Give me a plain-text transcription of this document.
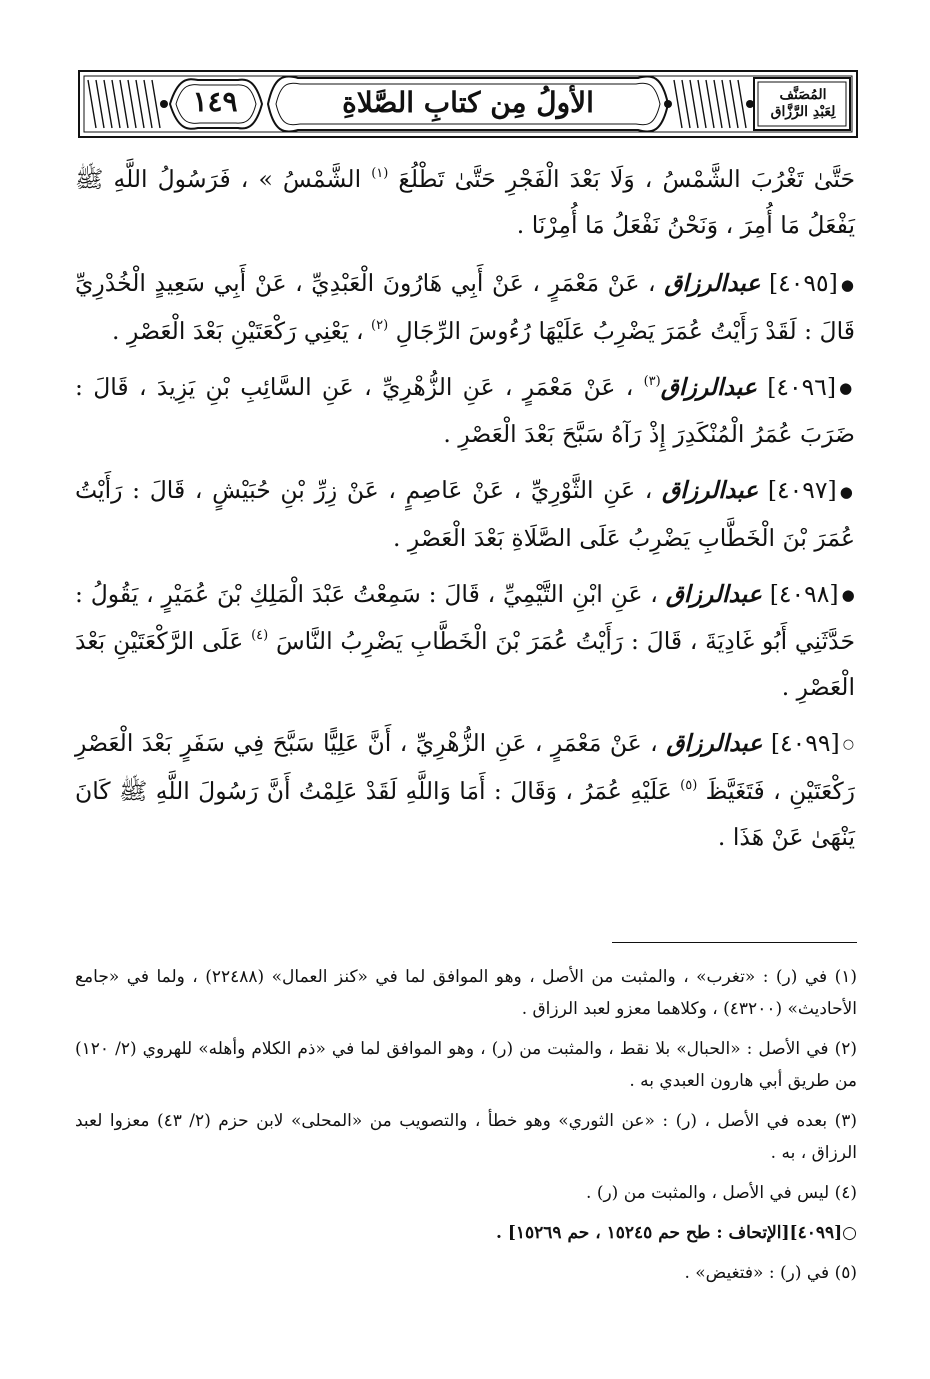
١٤٩	الأولُ مِن كتابِ الصَّلاةِ	المُصَنَّف
لِعَبْدِ الرَّزَّاق

حَتَّىٰ تَغْرُبَ الشَّمْسُ ، وَلَا بَعْدَ الْفَجْرِ حَتَّىٰ تَطْلُعَ $^{(١)}$ الشَّمْسُ » ، فَرَسُولُ اللَّهِ ﷺ يَفْعَلُ مَا أُمِرَ ، وَنَحْنُ نَفْعَلُ مَا أُمِرْنَا .

●[٤٠٩٥] عبدالرزاق ، عَنْ مَعْمَرٍ ، عَنْ أَبِي هَارُونَ الْعَبْدِيِّ ، عَنْ أَبِي سَعِيدٍ الْخُدْرِيِّ قَالَ : لَقَدْ رَأَيْتُ عُمَرَ يَضْرِبُ عَلَيْهَا رُءُوسَ الرِّجَالِ $^{(٢)}$ ، يَعْنِي رَكْعَتَيْنِ بَعْدَ الْعَصْرِ .

●[٤٠٩٦] عبدالرزاق$^{(٣)}$ ، عَنْ مَعْمَرٍ ، عَنِ الزُّهْرِيِّ ، عَنِ السَّائِبِ بْنِ يَزِيدَ ، قَالَ : ضَرَبَ عُمَرُ الْمُنْكَدِرَ إِذْ رَآهُ سَبَّحَ بَعْدَ الْعَصْرِ .

●[٤٠٩٧] عبدالرزاق ، عَنِ الثَّوْرِيِّ ، عَنْ عَاصِمٍ ، عَنْ زِرِّ بْنِ حُبَيْشٍ ، قَالَ : رَأَيْتُ عُمَرَ بْنَ الْخَطَّابِ يَضْرِبُ عَلَى الصَّلَاةِ بَعْدَ الْعَصْرِ .

●[٤٠٩٨] عبدالرزاق ، عَنِ ابْنِ التَّيْمِيِّ ، قَالَ : سَمِعْتُ عَبْدَ الْمَلِكِ بْنَ عُمَيْرٍ ، يَقُولُ : حَدَّثَنِي أَبُو غَادِيَةَ ، قَالَ : رَأَيْتُ عُمَرَ بْنَ الْخَطَّابِ يَضْرِبُ النَّاسَ $^{(٤)}$ عَلَى الرَّكْعَتَيْنِ بَعْدَ الْعَصْرِ .

○[٤٠٩٩] عبدالرزاق ، عَنْ مَعْمَرٍ ، عَنِ الزُّهْرِيِّ ، أَنَّ عَلِيًّا سَبَّحَ فِي سَفَرٍ بَعْدَ الْعَصْرِ رَكْعَتَيْنِ ، فَتَغَيَّظَ $^{(٥)}$ عَلَيْهِ عُمَرُ ، وَقَالَ : أَمَا وَاللَّهِ لَقَدْ عَلِمْتُ أَنَّ رَسُولَ اللَّهِ ﷺ كَانَ يَنْهَىٰ عَنْ هَذَا .

(١) في (ر) : «تغرب» ، والمثبت من الأصل ، وهو الموافق لما في «كنز العمال» (٢٢٤٨٨) ، ولما في «جامع الأحاديث» (٤٣٢٠٠) ، وكلاهما معزو لعبد الرزاق .

(٢) في الأصل : «الحبال» بلا نقط ، والمثبت من (ر) ، وهو الموافق لما في «ذم الكلام وأهله» للهروي (٢/ ١٢٠) من طريق أبي هارون العبدي به .

(٣) بعده في الأصل ، (ر) : «عن الثوري» وهو خطأ ، والتصويب من «المحلى» لابن حزم (٢/ ٤٣) معزوا لعبد الرزاق ، به .

(٤) ليس في الأصل ، والمثبت من (ر) .

○[٤٠٩٩][الإتحاف : طح حم ١٥٢٤٥ ، حم ١٥٢٦٩] .

(٥) في (ر) : «فتغيض» .
